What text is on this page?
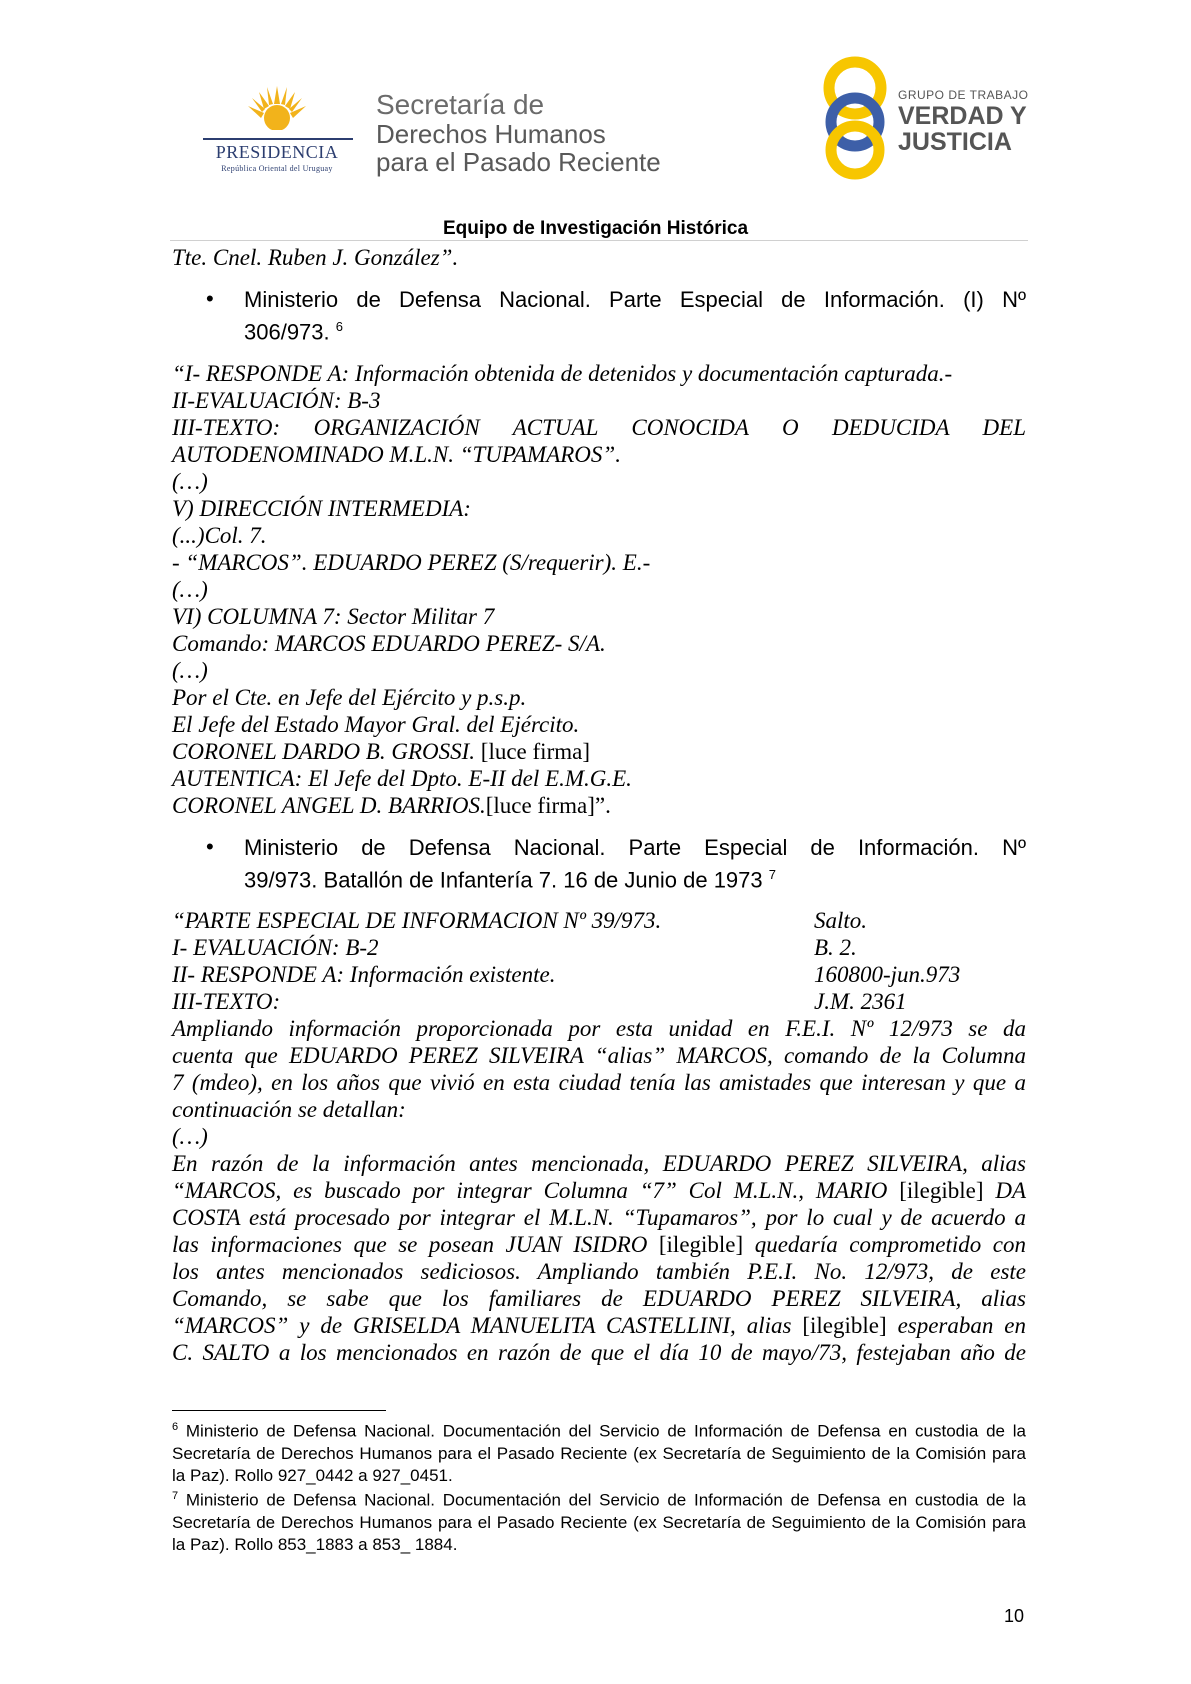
PRESIDENCIA
República Oriental del Uruguay
Secretaría de
Derechos Humanos
para el Pasado Reciente
GRUPO DE TRABAJO
VERDAD Y
JUSTICIA
Equipo de Investigación Histórica
Tte. Cnel. Ruben J. González”.
• Ministerio de Defensa Nacional. Parte Especial de Información. (I) Nº
306/973. $^6$
“I- RESPONDE A: Información obtenida de detenidos y documentación capturada.-
II-EVALUACIÓN: B-3
III-TEXTO: ORGANIZACIÓN ACTUAL CONOCIDA O DEDUCIDA DEL
AUTODENOMINADO M.L.N. “TUPAMAROS”.
(…)
V) DIRECCIÓN INTERMEDIA:
(...)Col. 7.
- “MARCOS”. EDUARDO PEREZ (S/requerir). E.-
(…)
VI) COLUMNA 7: Sector Militar 7
Comando: MARCOS EDUARDO PEREZ- S/A.
(…)
Por el Cte. en Jefe del Ejército y p.s.p.
El Jefe del Estado Mayor Gral. del Ejército.
CORONEL DARDO B. GROSSI. [luce firma]
AUTENTICA: El Jefe del Dpto. E-II del E.M.G.E.
CORONEL ANGEL D. BARRIOS.[luce firma]”.
• Ministerio de Defensa Nacional. Parte Especial de Información. Nº
39/973. Batallón de Infantería 7. 16 de Junio de 1973 $^7$
“PARTE ESPECIAL DE INFORMACION Nº 39/973.	Salto.
I- EVALUACIÓN: B-2	B. 2.
II- RESPONDE A: Información existente.	160800-jun.973
III-TEXTO:	J.M. 2361
Ampliando información proporcionada por esta unidad en F.E.I. Nº 12/973 se da
cuenta que EDUARDO PEREZ SILVEIRA “alias” MARCOS, comando de la Columna
7 (mdeo), en los años que vivió en esta ciudad tenía las amistades que interesan y que a
continuación se detallan:
(…)
En razón de la información antes mencionada, EDUARDO PEREZ SILVEIRA, alias
“MARCOS, es buscado por integrar Columna “7” Col M.L.N., MARIO [ilegible] DA
COSTA está procesado por integrar el M.L.N. “Tupamaros”, por lo cual y de acuerdo a
las informaciones que se posean JUAN ISIDRO [ilegible] quedaría comprometido con
los antes mencionados sediciosos. Ampliando también P.E.I. No. 12/973, de este
Comando, se sabe que los familiares de EDUARDO PEREZ SILVEIRA, alias
“MARCOS” y de GRISELDA MANUELITA CASTELLINI, alias [ilegible] esperaban en
C. SALTO a los mencionados en razón de que el día 10 de mayo/73, festejaban año de
$^6$ Ministerio de Defensa Nacional. Documentación del Servicio de Información de Defensa en custodia de la Secretaría de Derechos Humanos para el Pasado Reciente (ex Secretaría de Seguimiento de la Comisión para la Paz). Rollo 927_0442 a 927_0451.
$^7$ Ministerio de Defensa Nacional. Documentación del Servicio de Información de Defensa en custodia de la Secretaría de Derechos Humanos para el Pasado Reciente (ex Secretaría de Seguimiento de la Comisión para la Paz). Rollo 853_1883 a 853_ 1884.
10
